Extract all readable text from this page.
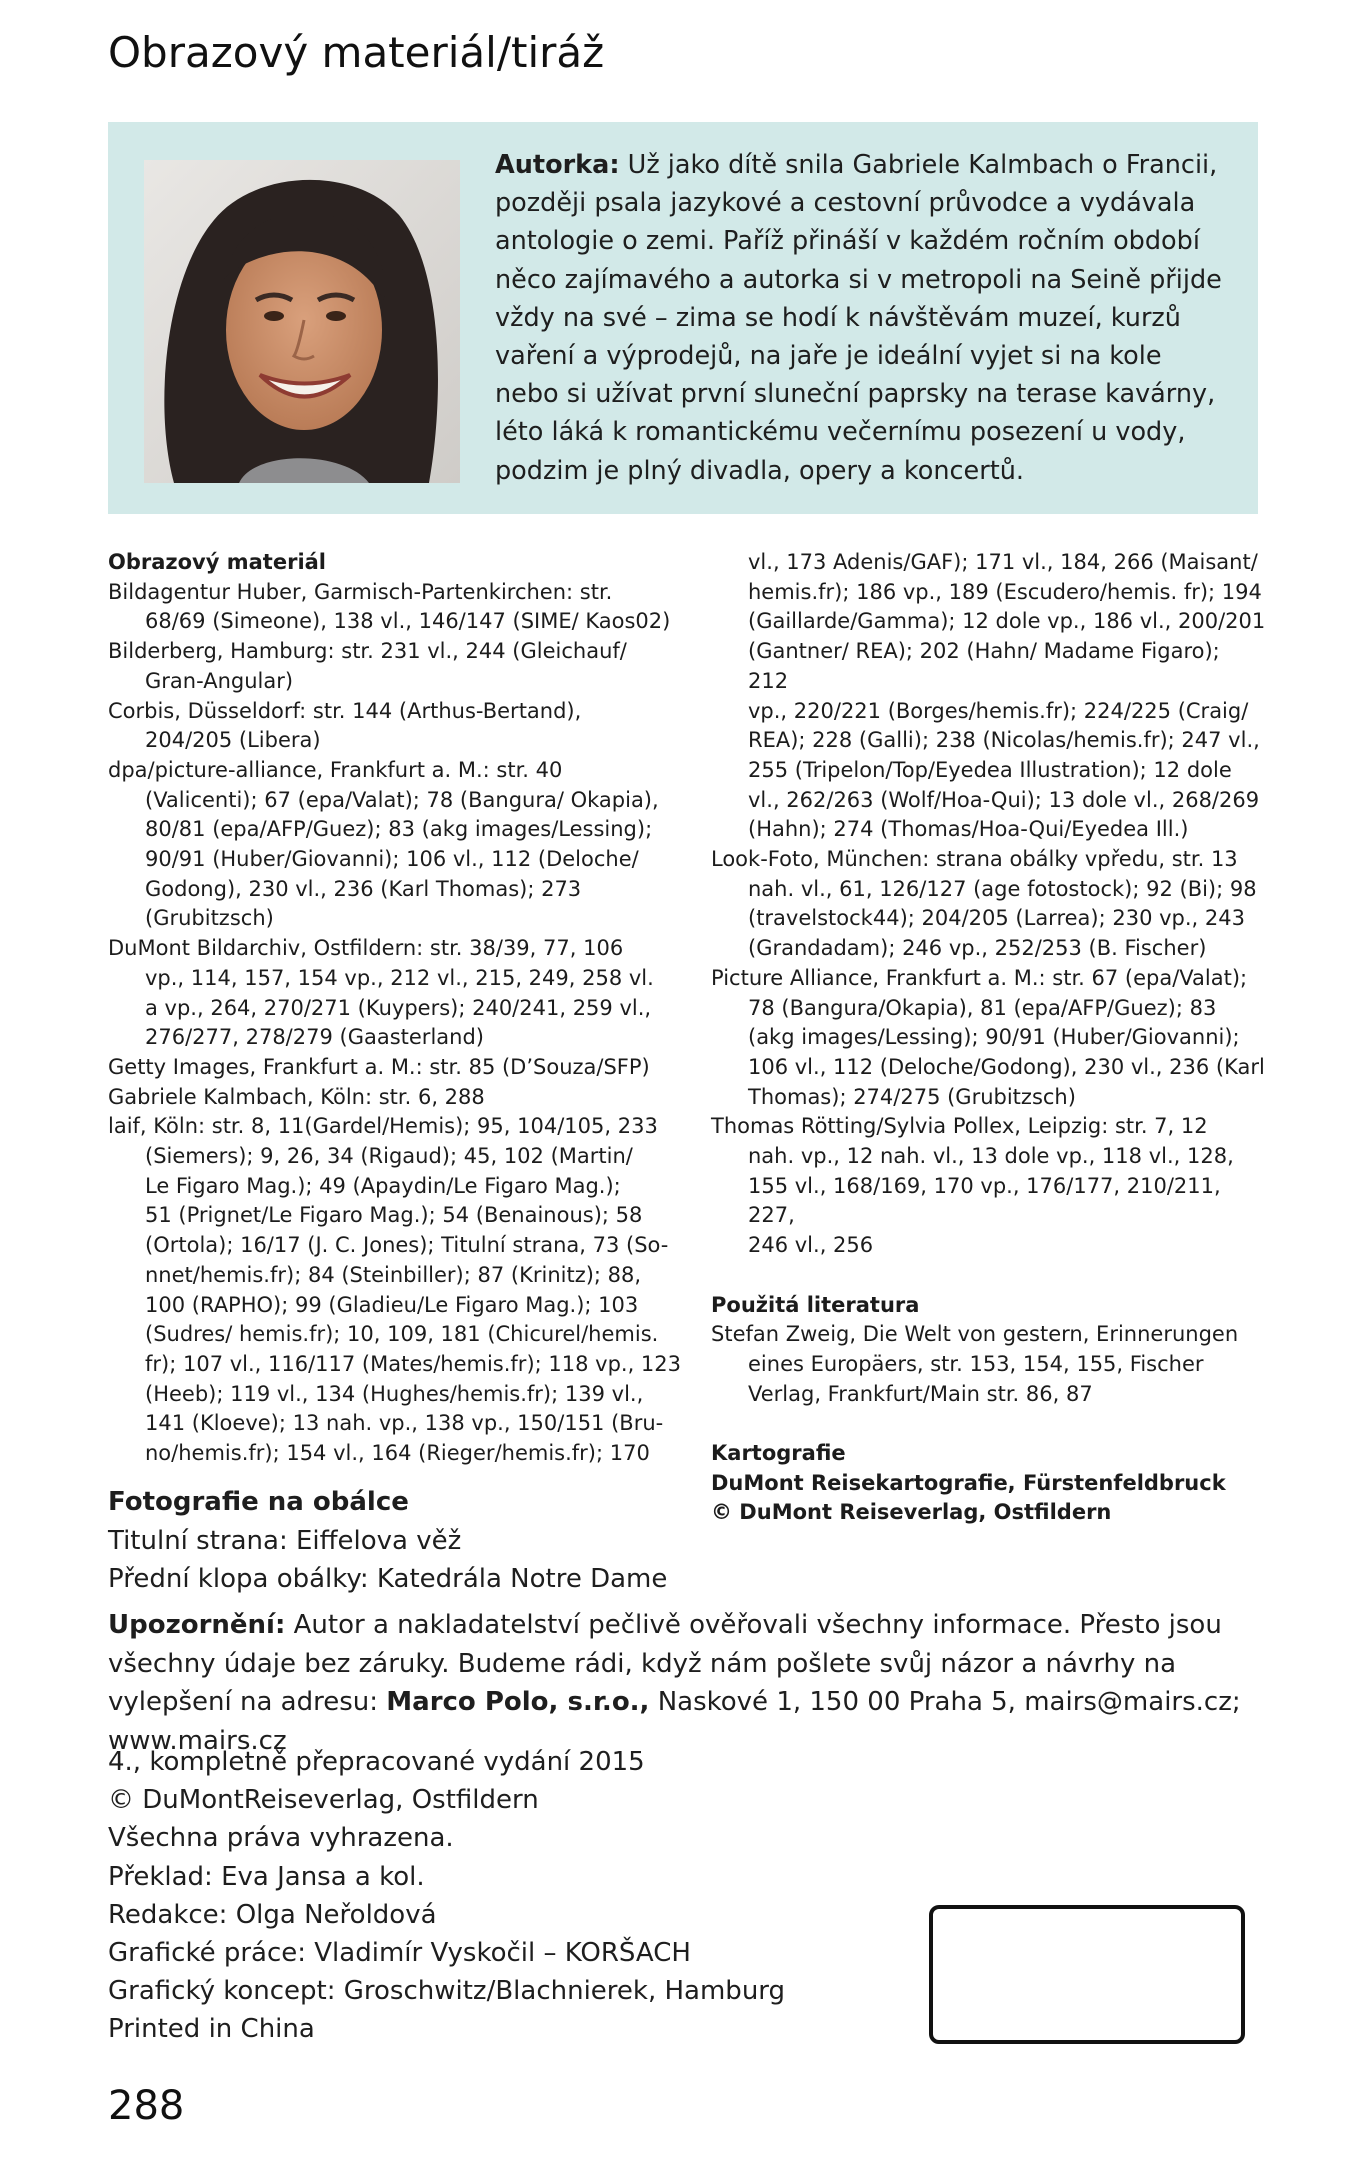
Obrazový materiál/tiráž

Autorka: Už jako dítě snila Gabriele Kalmbach o Francii, později psala jazykové a cestovní průvodce a vydávala antologie o zemi. Paříž přináší v každém ročním období něco zajímavého a autorka si v metropoli na Seině přijde vždy na své – zima se hodí k návštěvám muzeí, kurzů vaření a výprodejů, na jaře je ideální vyjet si na kole nebo si užívat první sluneční paprsky na terase kavárny, léto láká k romantickému večernímu posezení u vody, podzim je plný divadla, opery a koncertů.

Obrazový materiál
Bildagentur Huber, Garmisch-Partenkirchen: str.
68/69 (Simeone), 138 vl., 146/147 (SIME/ Kaos02)
Bilderberg, Hamburg: str. 231 vl., 244 (Gleichauf/
Gran-Angular)
Corbis, Düsseldorf: str. 144 (Arthus-Bertand),
204/205 (Libera)
dpa/picture-alliance, Frankfurt a. M.: str. 40
(Valicenti); 67 (epa/Valat); 78 (Bangura/ Okapia),
80/81 (epa/AFP/Guez); 83 (akg images/Lessing);
90/91 (Huber/Giovanni); 106 vl., 112 (Deloche/
Godong), 230 vl., 236 (Karl Thomas); 273
(Grubitzsch)
DuMont Bildarchiv, Ostfildern: str. 38/39, 77, 106
vp., 114, 157, 154 vp., 212 vl., 215, 249, 258 vl.
a vp., 264, 270/271 (Kuypers); 240/241, 259 vl.,
276/277, 278/279 (Gaasterland)
Getty Images, Frankfurt a. M.: str. 85 (D’Souza/SFP)
Gabriele Kalmbach, Köln: str. 6, 288
laif, Köln: str. 8, 11(Gardel/Hemis); 95, 104/105, 233
(Siemers); 9, 26, 34 (Rigaud); 45, 102 (Martin/
Le Figaro Mag.); 49 (Apaydin/Le Figaro Mag.);
51 (Prignet/Le Figaro Mag.); 54 (Benainous); 58
(Ortola); 16/17 (J. C. Jones); Titulní strana, 73 (So-
nnet/hemis.fr); 84 (Steinbiller); 87 (Krinitz); 88,
100 (RAPHO); 99 (Gladieu/Le Figaro Mag.); 103
(Sudres/ hemis.fr); 10, 109, 181 (Chicurel/hemis.
fr); 107 vl., 116/117 (Mates/hemis.fr); 118 vp., 123
(Heeb); 119 vl., 134 (Hughes/hemis.fr); 139 vl.,
141 (Kloeve); 13 nah. vp., 138 vp., 150/151 (Bru-
no/hemis.fr); 154 vl., 164 (Rieger/hemis.fr); 170
vl., 173 Adenis/GAF); 171 vl., 184, 266 (Maisant/
hemis.fr); 186 vp., 189 (Escudero/hemis. fr); 194
(Gaillarde/Gamma); 12 dole vp., 186 vl., 200/201
(Gantner/ REA); 202 (Hahn/ Madame Figaro); 212
vp., 220/221 (Borges/hemis.fr); 224/225 (Craig/
REA); 228 (Galli); 238 (Nicolas/hemis.fr); 247 vl.,
255 (Tripelon/Top/Eyedea Illustration); 12 dole
vl., 262/263 (Wolf/Hoa-Qui); 13 dole vl., 268/269
(Hahn); 274 (Thomas/Hoa-Qui/Eyedea Ill.)
Look-Foto, München: strana obálky vpředu, str. 13
nah. vl., 61, 126/127 (age fotostock); 92 (Bi); 98
(travelstock44); 204/205 (Larrea); 230 vp., 243
(Grandadam); 246 vp., 252/253 (B. Fischer)
Picture Alliance, Frankfurt a. M.: str. 67 (epa/Valat);
78 (Bangura/Okapia), 81 (epa/AFP/Guez); 83
(akg images/Lessing); 90/91 (Huber/Giovanni);
106 vl., 112 (Deloche/Godong), 230 vl., 236 (Karl
Thomas); 274/275 (Grubitzsch)
Thomas Rötting/Sylvia Pollex, Leipzig: str. 7, 12
nah. vp., 12 nah. vl., 13 dole vp., 118 vl., 128,
155 vl., 168/169, 170 vp., 176/177, 210/211, 227,
246 vl., 256
Použitá literatura
Stefan Zweig, Die Welt von gestern, Erinnerungen
eines Europäers, str. 153, 154, 155, Fischer
Verlag, Frankfurt/Main str. 86, 87
Kartografie
DuMont Reisekartografie, Fürstenfeldbruck
© DuMont Reiseverlag, Ostfildern
Fotografie na obálce
Titulní strana: Eiffelova věž
Přední klopa obálky: Katedrála Notre Dame

Upozornění: Autor a nakladatelství pečlivě ověřovali všechny informace. Přesto jsou všechny údaje bez záruky. Budeme rádi, když nám pošlete svůj názor a návrhy na vylepšení na adresu: Marco Polo, s.r.o., Naskové 1, 150 00 Praha 5, mairs@mairs.cz; www.mairs.cz

4., kompletně přepracované vydání 2015
© DuMontReiseverlag, Ostfildern
Všechna práva vyhrazena.
Překlad: Eva Jansa a kol.
Redakce: Olga Neřoldová
Grafické práce: Vladimír Vyskočil – KORŠACH
Grafický koncept: Groschwitz/Blachnierek, Hamburg
Printed in China
288
